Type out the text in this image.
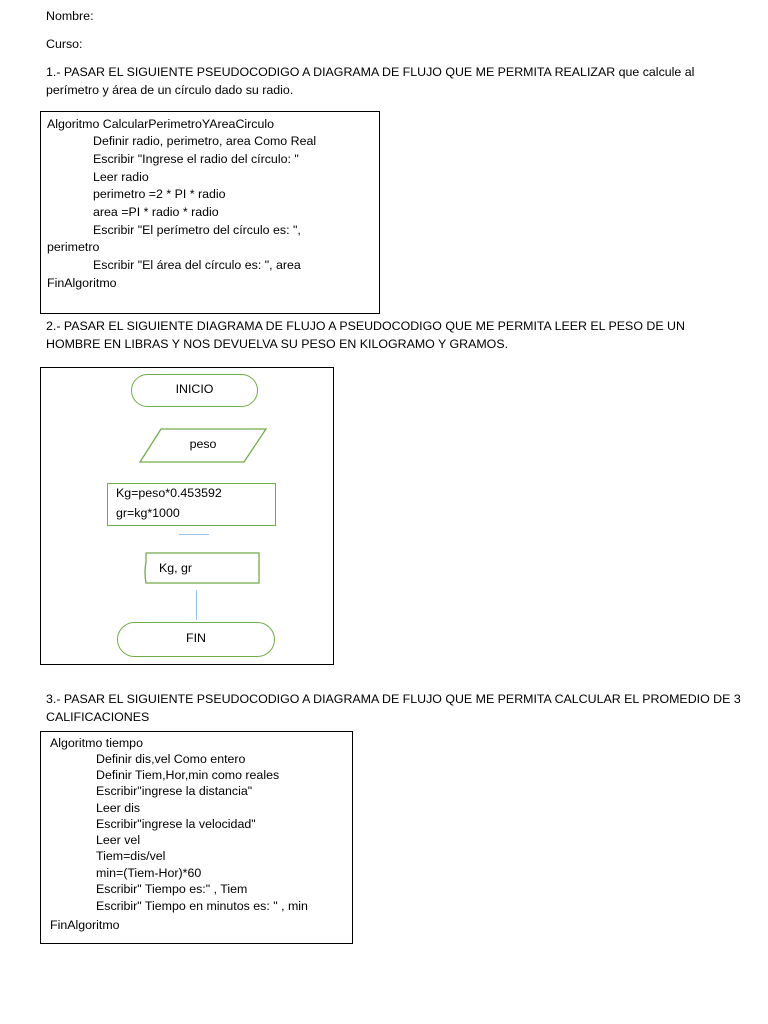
Nombre:
Curso:
1.- PASAR EL SIGUIENTE PSEUDOCODIGO A DIAGRAMA DE FLUJO QUE ME PERMITA REALIZAR que calcule al perímetro y área de un círculo dado su radio.
Algoritmo CalcularPerimetroYAreaCirculo
Definir radio, perimetro, area Como Real
Escribir "Ingrese el radio del círculo: "
Leer radio
perimetro =2 * PI * radio
area =PI * radio * radio
Escribir "El perímetro del círculo es: ",
perimetro
Escribir "El área del círculo es: ", area
FinAlgoritmo
2.- PASAR EL SIGUIENTE DIAGRAMA DE FLUJO A PSEUDOCODIGO QUE ME PERMITA LEER EL PESO DE UN HOMBRE EN LIBRAS Y NOS DEVUELVA SU PESO EN KILOGRAMO Y GRAMOS.
INICIO
peso
Kg=peso*0.453592
gr=kg*1000
Kg, gr
FIN
3.- PASAR EL SIGUIENTE PSEUDOCODIGO A DIAGRAMA DE FLUJO QUE ME PERMITA CALCULAR EL PROMEDIO DE 3 CALIFICACIONES
Algoritmo tiempo
Definir dis,vel Como entero
Definir Tiem,Hor,min como reales
Escribir"ingrese la distancia"
Leer dis
Escribir"ingrese la velocidad"
Leer vel
Tiem=dis/vel
min=(Tiem-Hor)*60
Escribir" Tiempo es:" , Tiem
Escribir" Tiempo en minutos es: " , min
FinAlgoritmo
